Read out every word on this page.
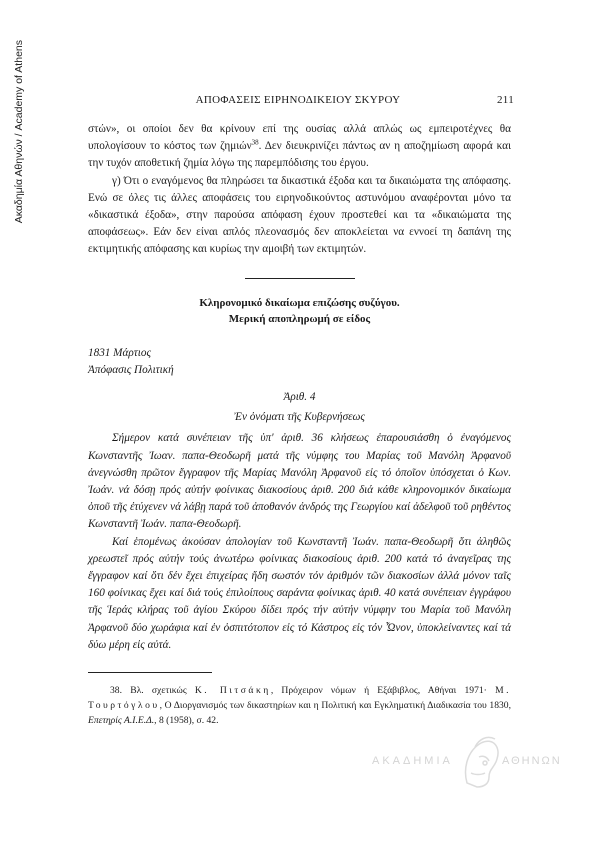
Ακαδημία Αθηνών / Academy of Athens	ΑΠΟΦΑΣΕΙΣ ΕΙΡΗΝΟΔΙΚΕΙΟΥ ΣΚΥΡΟΥ	211

στών», οι οποίοι δεν θα κρίνουν επί της ουσίας αλλά απλώς ως εμπειροτέχνες θα υπολογίσουν το κόστος των ζημιών$^{38}$. Δεν διευκρινίζει πάντως αν η αποζημίωση αφορά και την τυχόν αποθετική ζημία λόγω της παρεμπόδισης του έργου.

γ) Ότι ο εναγόμενος θα πληρώσει τα δικαστικά έξοδα και τα δικαιώματα της απόφασης. Ενώ σε όλες τις άλλες αποφάσεις του ειρηνοδικούντος αστυνόμου αναφέρονται μόνο τα «δικαστικά έξοδα», στην παρούσα απόφαση έχουν προστεθεί και τα «δικαιώματα της αποφάσεως». Εάν δεν είναι απλός πλεονασμός δεν αποκλείεται να εννοεί τη δαπάνη της εκτιμητικής απόφασης και κυρίως την αμοιβή των εκτιμητών.

Κληρονομικό δικαίωμα επιζώσης συζύγου.
Μερική αποπληρωμή σε είδος
1831 Μάρτιος
Ἀπόφασις Πολιτική
Ἀριθ. 4
Ἐν ὀνόματι τῆς Κυβερνήσεως

Σήμερον κατά συνέπειαν τῆς ὑπ' ἀριθ. 36 κλήσεως ἐπαρουσιάσθη ὁ ἐναγόμενος Κωνσταντῆς Ἰωαν. παπα-Θεοδωρῆ ματά τῆς νύμφης του Μαρίας τοῦ Μανόλη Ἀρφανοῦ ἀνεγνώσθη πρῶτον ἔγγραφον τῆς Μαρίας Μανόλη Ἀρφανοῦ εἰς τό ὁποῖον ὑπόσχεται ὁ Κων. Ἰωάν. νά δόσῃ πρός αὐτήν φοίνικας διακοσίους ἀριθ. 200 διά κάθε κληρονομικόν δικαίωμα ὁποῦ τῆς ἐτύχενεν νά λάβῃ παρά τοῦ ἀποθανόν ἀνδρός της Γεωργίου καί ἀδελφοῦ τοῦ ρηθέντος Κωνσταντῆ Ἰωάν. παπα-Θεοδωρῆ.

Καί ἑπομένως ἀκούσαν ἀπολογίαν τοῦ Κωνσταντῆ Ἰωάν. παπα-Θεοδωρῆ ὅτι ἀληθῶς χρεωστεῖ πρός αὐτήν τούς ἀνωτέρω φοίνικας διακοσίους ἀριθ. 200 κατά τό ἀναγεῖρας της ἔγγραφον καί ὅτι δέν ἔχει ἐπιχείρας ἤδη σωστόν τόν ἀριθμόν τῶν διακοσίων ἀλλά μόνον ταῖς 160 φοίνικας ἔχει καί διά τούς ἐπιλοίπους σαράντα φοίνικας ἀριθ. 40 κατά συνέπειαν ἐγγράφου τῆς Ἱεράς κλήρας τοῦ ἁγίου Σκύρου δίδει πρός τήν αὐτήν νύμφην του Μαρία τοῦ Μανόλη Ἀρφανοῦ δύο χωράφια καί ἐν ὀσπιτότοπον εἰς τό Κάστρος εἰς τόν Ὦνον, ὑποκλείναντες καί τά δύω μέρη εἰς αὐτά.

38. Βλ. σχετικώς Κ. Πιτσάκη, Πρόχειρον νόμων ή Εξάβιβλος, Αθήναι 1971· Μ. Τουρτόγλου, Ο Διοργανισμός των δικαστηρίων και η Πολιτική και Εγκληματική Διαδικασία του 1830, Επετηρίς Α.Ι.Ε.Δ., 8 (1958), σ. 42.

ΑΚΑΔΗΜΙΑ	ΑΘΗΝΩΝ
